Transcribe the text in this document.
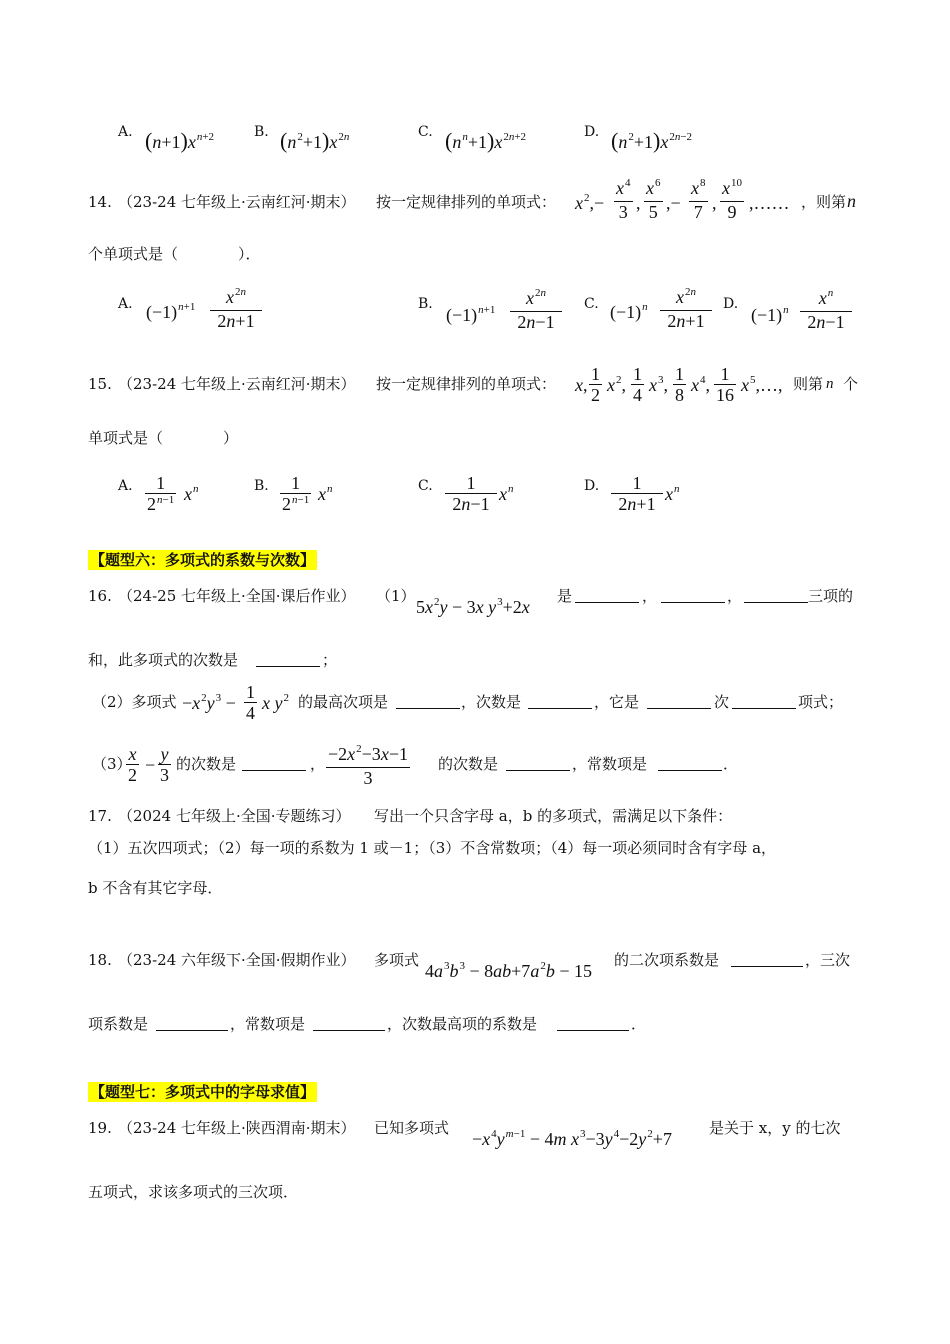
A. $(n+1)x^{n+2}$	B. $(n^2+1)x^{2n}$	C. $(n^n+1)x^{2n+2}$	D. $(n^2+1)x^{2n-2}$
14. （23-24 七年级上·云南红河·期末） 按一定规律排列的单项式： $x^2,-$
$x^4$
3 ,
$x^6$
5 ,−
$x^8$
7 ,
$x^{10}$
9 ,…… ，则第 n
个单项式是（　　　　）．
A. $(-1)^{n+1}$	$x^{2n}$
2n+1
B.
$(-1)^{n+1}$
$x^{2n}$
2n−1
C. $(-1)^n$	$x^{2n}$
2n+1
D.
$(-1)^n$
$x^n$
2n−1
15. （23-24 七年级上·云南红河·期末） 按一定规律排列的单项式： x,
1
2 $x^2$,
1
4 $x^3$,
1
8 $x^4$,
1
16 $x^5,\dots$, 则第 n 个
单项式是（　　　　）
A.	1
$2^{n-1}$ $x^n$	B.	1
$2^{n-1}$ $x^n$	C.	1
2n−1 $x^n$	D.	1
2n+1 $x^n$
【题型六：多项式的系数与次数】
16. （24-25 七年级上·全国·课后作业） （1）
$5x^2y - 3x$ $y^3+2x$
是	，	，	三项的
和，此多项式的次数是	；
（2）多项式 $-x^2y^3$ −
1
4 x $y^2$ 的最高次项是	，次数是	，它是	次	项式；
（3）
x
2 −
y
3
的次数是	， $-2x^2-3x-1$
3
的次数是	，常数项是	．
17. （2024 七年级上·全国·专题练习） 写出一个只含字母 a，b 的多项式，需满足以下条件：
（1）五次四项式；（2）每一项的系数为 1 或－1；（3）不含常数项；（4）每一项必须同时含有字母 a，
b 不含有其它字母．
18. （23-24 六年级下·全国·假期作业） 多项式
$4a^3b^3 - 8ab+7a^2b - 15$
的二次项系数是	，三次
项系数是	，常数项是	，次数最高项的系数是	．
【题型七：多项式中的字母求值】
19. （23-24 七年级上·陕西渭南·期末） 已知多项式
$-x^4y^{m-1} - 4m$ $x^3-3y^4-2y^2+7$
是关于 x，y 的七次
五项式，求该多项式的三次项．
